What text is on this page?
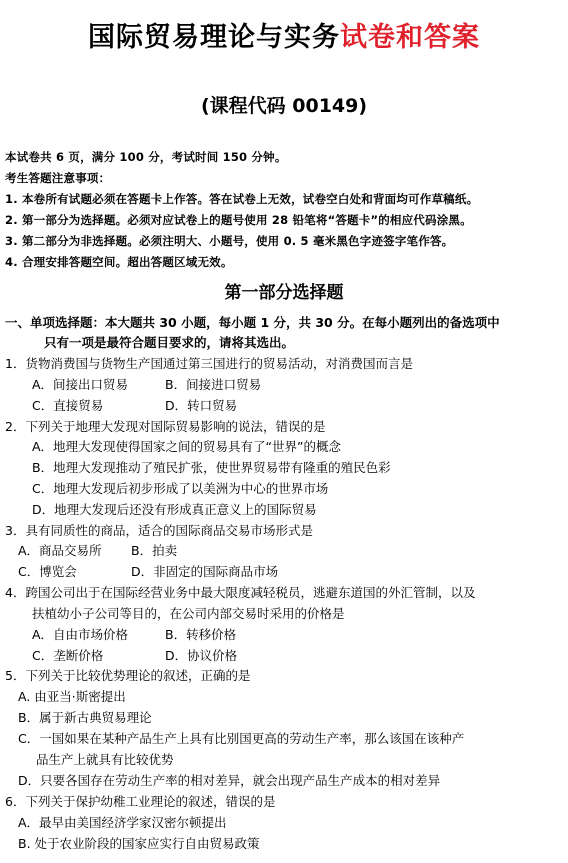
国际贸易理论与实务试卷和答案
(课程代码 00149)
本试卷共 6 页，满分 100 分，考试时间 150 分钟。
考生答题注意事项：
1. 本卷所有试题必须在答题卡上作答。答在试卷上无效，试卷空白处和背面均可作草稿纸。
2. 第一部分为选择题。必须对应试卷上的题号使用 28 铅笔将“答题卡”的相应代码涂黑。
3. 第二部分为非选择题。必须注明大、小题号，使用 0. 5 毫米黑色字迹签字笔作答。
4. 合理安排答题空间。超出答题区域无效。
第一部分选择题
一、单项选择题：本大题共 30 小题，每小题 1 分，共 30 分。在每小题列出的备选项中
只有一项是最符合题目要求的，请将其选出。
1．货物消费国与货物生产国通过第三国进行的贸易活动，对消费国而言是
A．间接出口贸易	B．间接进口贸易
C．直接贸易	D．转口贸易
2．下列关于地理大发现对国际贸易影响的说法，错误的是
A．地理大发现使得国家之间的贸易具有了“世界”的概念
B．地理大发现推动了殖民扩张，使世界贸易带有隆重的殖民色彩
C．地理大发现后初步形成了以美洲为中心的世界市场
D．地理大发现后还没有形成真正意义上的国际贸易
3．具有同质性的商品，适合的国际商品交易市场形式是
A．商品交易所 B．拍卖
C．博览会	D．非固定的国际商品市场
4．跨国公司出于在国际经营业务中最大限度减轻税员，逃避东道国的外汇管制，以及
扶植幼小子公司等目的，在公司内部交易时采用的价格是
A．自由市场价格	B．转移价格
C．垄断价格	D．协议价格
5．下列关于比较优势理论的叙述，正确的是
A. 由亚当·斯密提出
B．属于新古典贸易理论
C．一国如果在某种产品生产上具有比别国更高的劳动生产率，那么该国在该种产
品生产上就具有比较优势
D．只要各国存在劳动生产率的相对差异，就会出现产品生产成本的相对差异
6．下列关于保护幼稚工业理论的叙述，错误的是
A．最早由美国经济学家汉密尔顿提出
B. 处于农业阶段的国家应实行自由贸易政策
